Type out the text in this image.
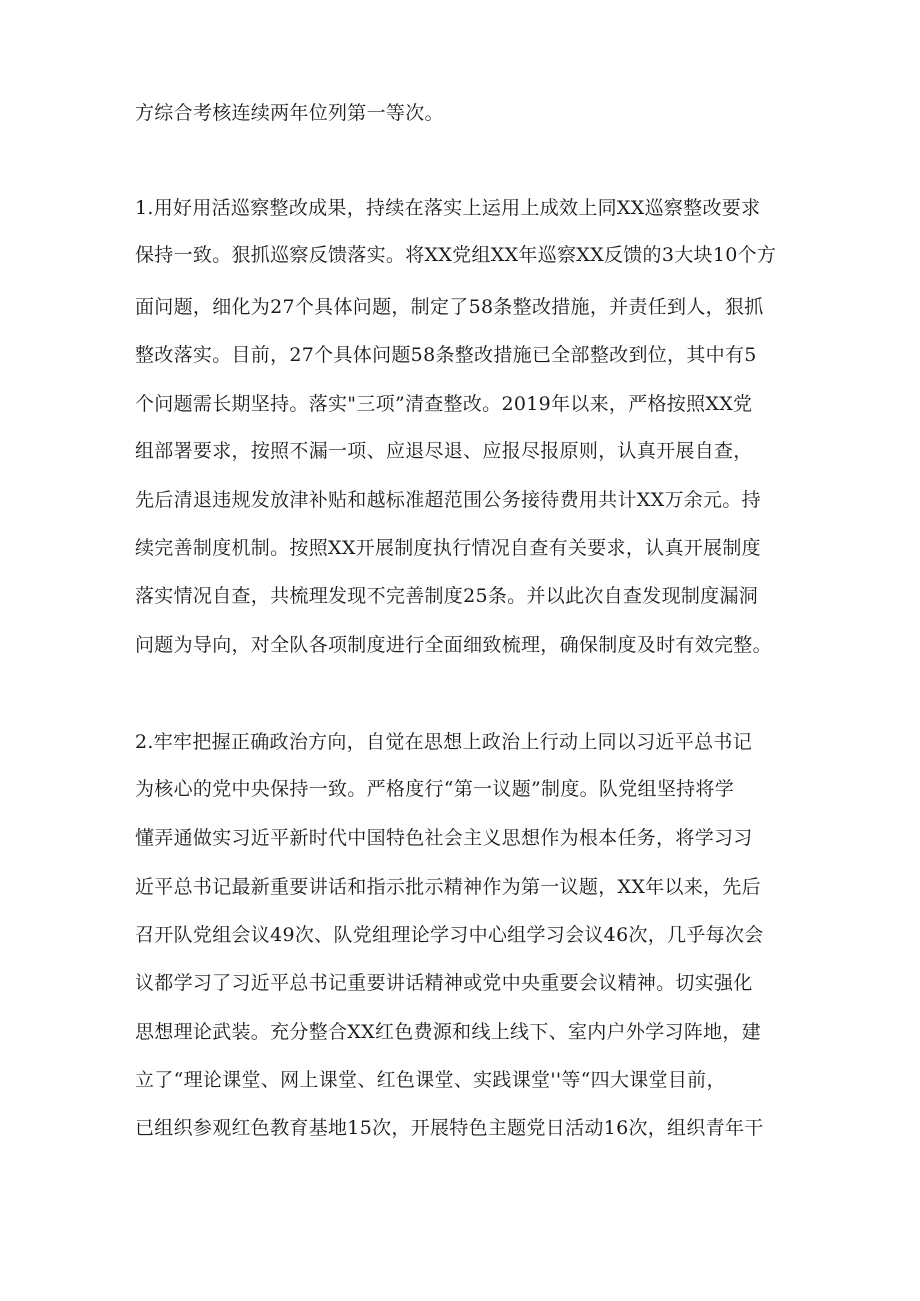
方综合考核连续两年位列第一等次。
1.用好用活巡察整改成果，持续在落实上运用上成效上同XX巡察整改要求
保持一致。狠抓巡察反馈落实。将XX党组XX年巡察XX反馈的3大块10个方
面问题，细化为27个具体问题，制定了58条整改措施，并责任到人，狠抓
整改落实。目前，27个具体问题58条整改措施已全部整改到位，其中有5
个问题需长期坚持。落实"三项”清查整改。2019年以来，严格按照XX党
组部署要求，按照不漏一项、应退尽退、应报尽报原则，认真开展自查，
先后清退违规发放津补贴和越标准超范围公务接待费用共计XX万余元。持
续完善制度机制。按照XX开展制度执行情况自查有关要求，认真开展制度
落实情况自查，共梳理发现不完善制度25条。并以此次自查发现制度漏洞
问题为导向，对全队各项制度进行全面细致梳理，确保制度及时有效完整。
2.牢牢把握正确政治方向，自觉在思想上政治上行动上同以习近平总书记
为核心的党中央保持一致。严格度行“第一议题”制度。队党组坚持将学
懂弄通做实习近平新时代中国特色社会主义思想作为根本任务，将学习习
近平总书记最新重要讲话和指示批示精神作为第一议题，XX年以来，先后
召开队党组会议49次、队党组理论学习中心组学习会议46次，几乎每次会
议都学习了习近平总书记重要讲话精神或党中央重要会议精神。切实强化
思想理论武装。充分整合XX红色费源和线上线下、室内户外学习阵地，建
立了“理论课堂、网上课堂、红色课堂、实践课堂''等“四大课堂目前，
已组织参观红色教育基地15次，开展特色主题党日活动16次，组织青年干
